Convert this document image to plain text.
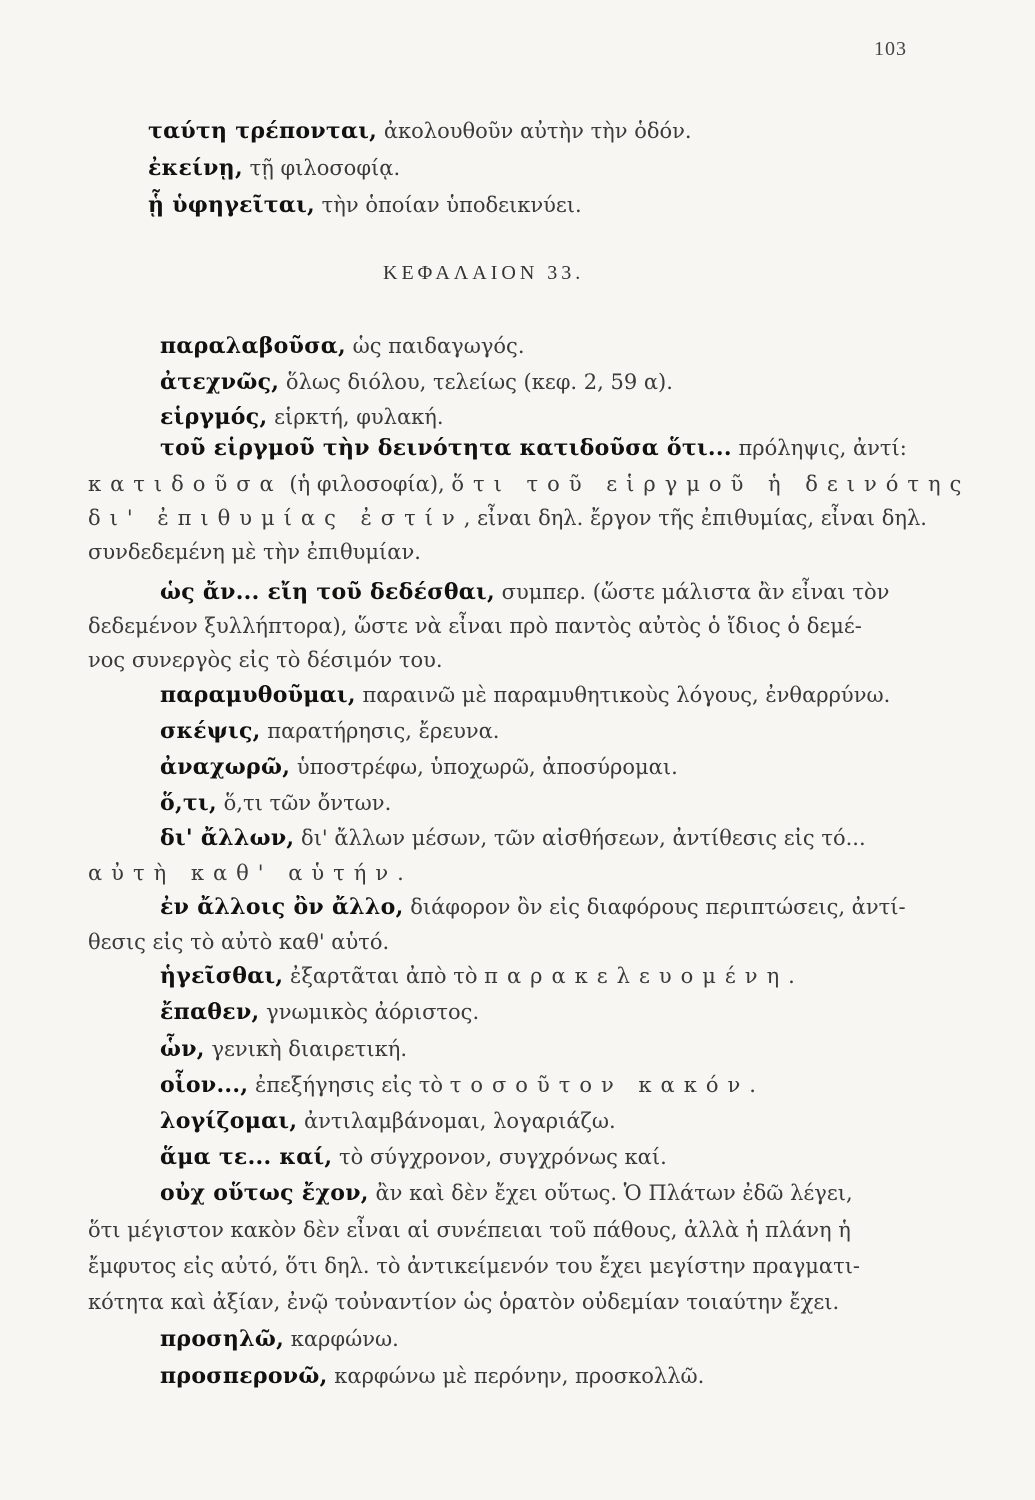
103
ταύτη τρέπονται, ἀκολουθοῦν αὐτὴν τὴν ὁδόν.
ἐκείνῃ, τῇ φιλοσοφίᾳ.
ᾗ ὑφηγεῖται, τὴν ὁποίαν ὑποδεικνύει.
ΚΕΦΑΛΑΙΟΝ 33.
παραλαβοῦσα, ὡς παιδαγωγός.
ἀτεχνῶς, ὅλως διόλου, τελείως (κεφ. 2, 59 α).
εἱργμός, εἱρκτή, φυλακή.
τοῦ εἱργμοῦ τὴν δεινότητα κατιδοῦσα ὅτι... πρόληψις, ἀντί:
κατιδοῦσα (ἡ φιλοσοφία), ὅτι τοῦ εἱργμοῦ ἡ δεινότης
δι' ἐπιθυμίας ἐστίν, εἶναι δηλ. ἔργον τῆς ἐπιθυμίας, εἶναι δηλ.
συνδεδεμένη μὲ τὴν ἐπιθυμίαν.
ὡς ἄν... εἴη τοῦ δεδέσθαι, συμπερ. (ὥστε μάλιστα ἂν εἶναι τὸν
δεδεμένον ξυλλήπτορα), ὥστε νὰ εἶναι πρὸ παντὸς αὐτὸς ὁ ἴδιος ὁ δεμέ-
νος συνεργὸς εἰς τὸ δέσιμόν του.
παραμυθοῦμαι, παραινῶ μὲ παραμυθητικοὺς λόγους, ἐνθαρρύνω.
σκέψις, παρατήρησις, ἔρευνα.
ἀναχωρῶ, ὑποστρέφω, ὑποχωρῶ, ἀποσύρομαι.
ὅ,τι, ὅ,τι τῶν ὄντων.
δι' ἄλλων, δι' ἄλλων μέσων, τῶν αἰσθήσεων, ἀντίθεσις εἰς τό...
αὐτὴ καθ' αὑτήν.
ἐν ἄλλοις ὂν ἄλλο, διάφορον ὂν εἰς διαφόρους περιπτώσεις, ἀντί-
θεσις εἰς τὸ αὐτὸ καθ' αὑτό.
ἡγεῖσθαι, ἐξαρτᾶται ἀπὸ τὸ παρακελευομένη.
ἔπαθεν, γνωμικὸς ἀόριστος.
ὧν, γενικὴ διαιρετική.
οἷον..., ἐπεξήγησις εἰς τὸ τοσοῦτον κακόν.
λογίζομαι, ἀντιλαμβάνομαι, λογαριάζω.
ἅμα τε... καί, τὸ σύγχρονον, συγχρόνως καί.
οὐχ οὕτως ἔχον, ἂν καὶ δὲν ἔχει οὕτως. Ὁ Πλάτων ἐδῶ λέγει,
ὅτι μέγιστον κακὸν δὲν εἶναι αἱ συνέπειαι τοῦ πάθους, ἀλλὰ ἡ πλάνη ἡ
ἔμφυτος εἰς αὐτό, ὅτι δηλ. τὸ ἀντικείμενόν του ἔχει μεγίστην πραγματι-
κότητα καὶ ἀξίαν, ἐνῷ τοὐναντίον ὡς ὁρατὸν οὐδεμίαν τοιαύτην ἔχει.
προσηλῶ, καρφώνω.
προσπερονῶ, καρφώνω μὲ περόνην, προσκολλῶ.
